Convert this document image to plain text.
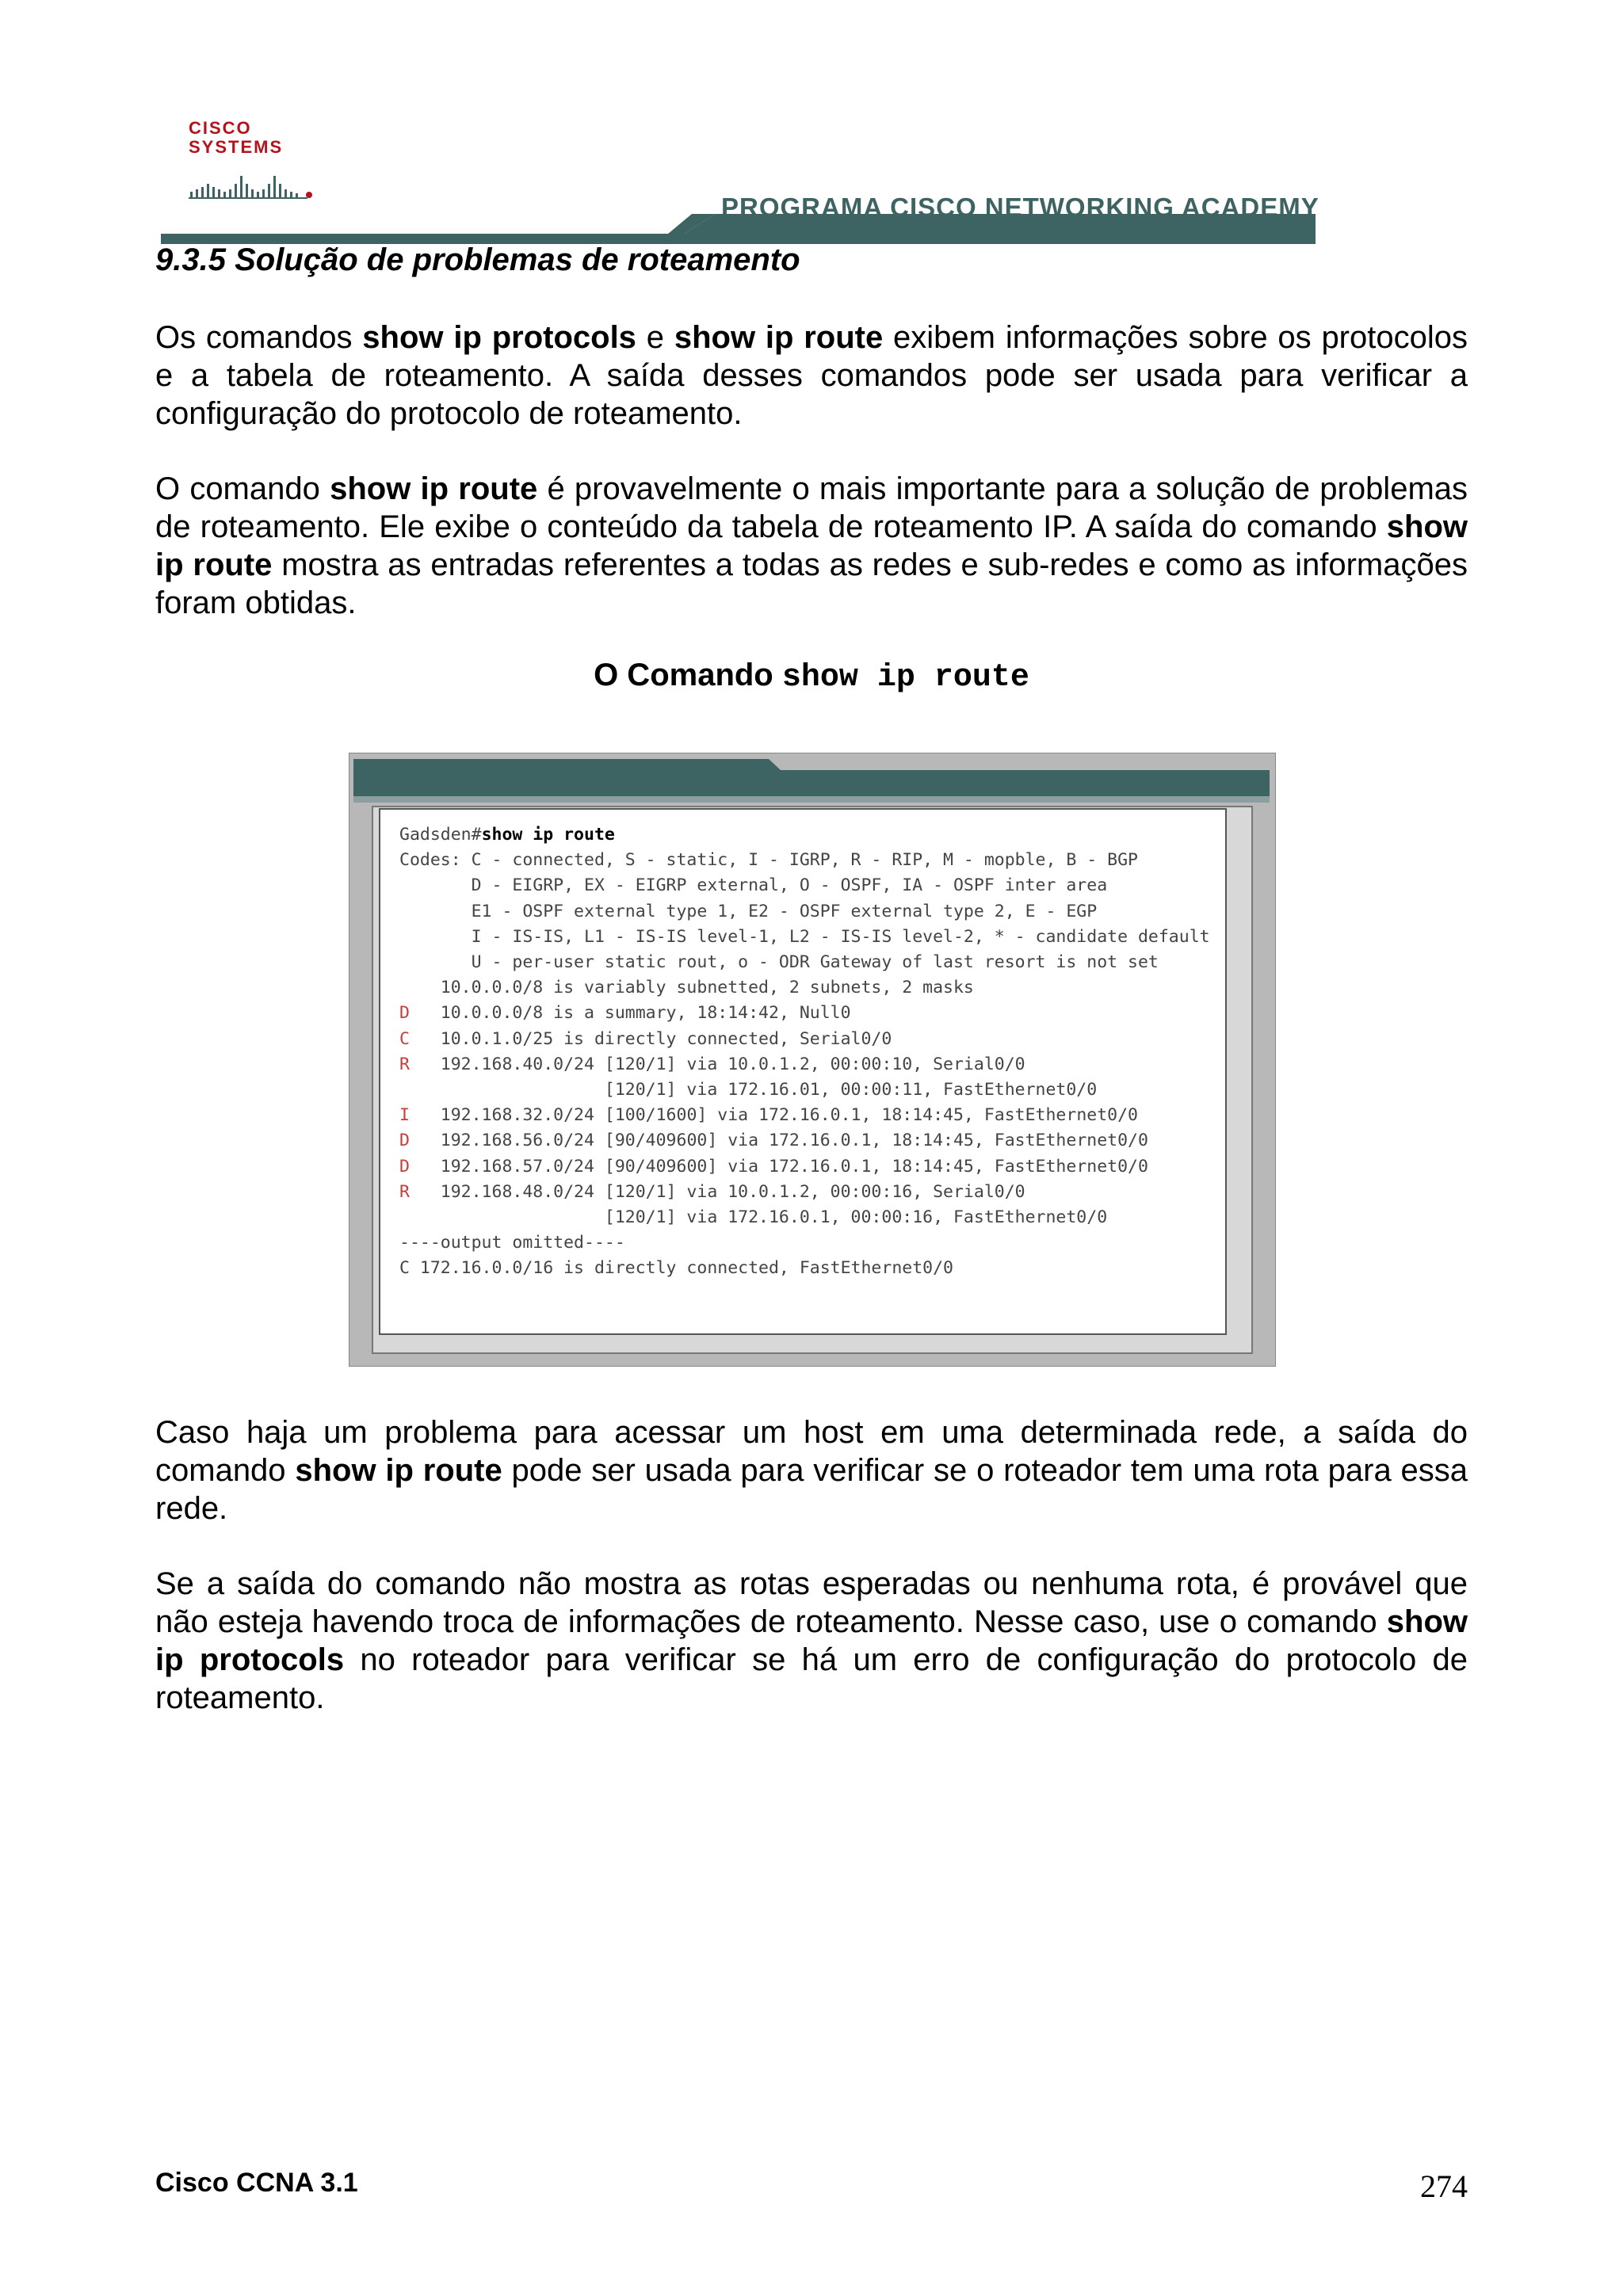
CISCO SYSTEMS
PROGRAMA CISCO NETWORKING ACADEMY
9.3.5 Solução de problemas de roteamento

Os comandos show ip protocols e show ip route exibem informações sobre os protocolos e a tabela de roteamento. A saída desses comandos pode ser usada para verificar a configuração do protocolo de roteamento.

O comando show ip route é provavelmente o mais importante para a solução de problemas de roteamento. Ele exibe o conteúdo da tabela de roteamento IP. A saída do comando show ip route mostra as entradas referentes a todas as redes e sub-redes e como as informações foram obtidas.

O Comando show ip route
Gadsden#show ip route
Codes: C - connected, S - static, I - IGRP, R - RIP, M - mopble, B - BGP
D - EIGRP, EX - EIGRP external, O - OSPF, IA - OSPF inter area
E1 - OSPF external type 1, E2 - OSPF external type 2, E - EGP
I - IS-IS, L1 - IS-IS level-1, L2 - IS-IS level-2, * - candidate default
U - per-user static rout, o - ODR Gateway of last resort is not set
10.0.0.0/8 is variably subnetted, 2 subnets, 2 masks
D   10.0.0.0/8 is a summary, 18:14:42, Null0
C   10.0.1.0/25 is directly connected, Serial0/0
R   192.168.40.0/24 [120/1] via 10.0.1.2, 00:00:10, Serial0/0
[120/1] via 172.16.01, 00:00:11, FastEthernet0/0
I   192.168.32.0/24 [100/1600] via 172.16.0.1, 18:14:45, FastEthernet0/0
D   192.168.56.0/24 [90/409600] via 172.16.0.1, 18:14:45, FastEthernet0/0
D   192.168.57.0/24 [90/409600] via 172.16.0.1, 18:14:45, FastEthernet0/0
R   192.168.48.0/24 [120/1] via 10.0.1.2, 00:00:16, Serial0/0
[120/1] via 172.16.0.1, 00:00:16, FastEthernet0/0
----output omitted----
C 172.16.0.0/16 is directly connected, FastEthernet0/0

Caso haja um problema para acessar um host em uma determinada rede, a saída do comando show ip route pode ser usada para verificar se o roteador tem uma rota para essa rede.

Se a saída do comando não mostra as rotas esperadas ou nenhuma rota, é provável que não esteja havendo troca de informações de roteamento. Nesse caso, use o comando show ip protocols no roteador para verificar se há um erro de configuração do protocolo de roteamento.

Cisco CCNA 3.1	274
